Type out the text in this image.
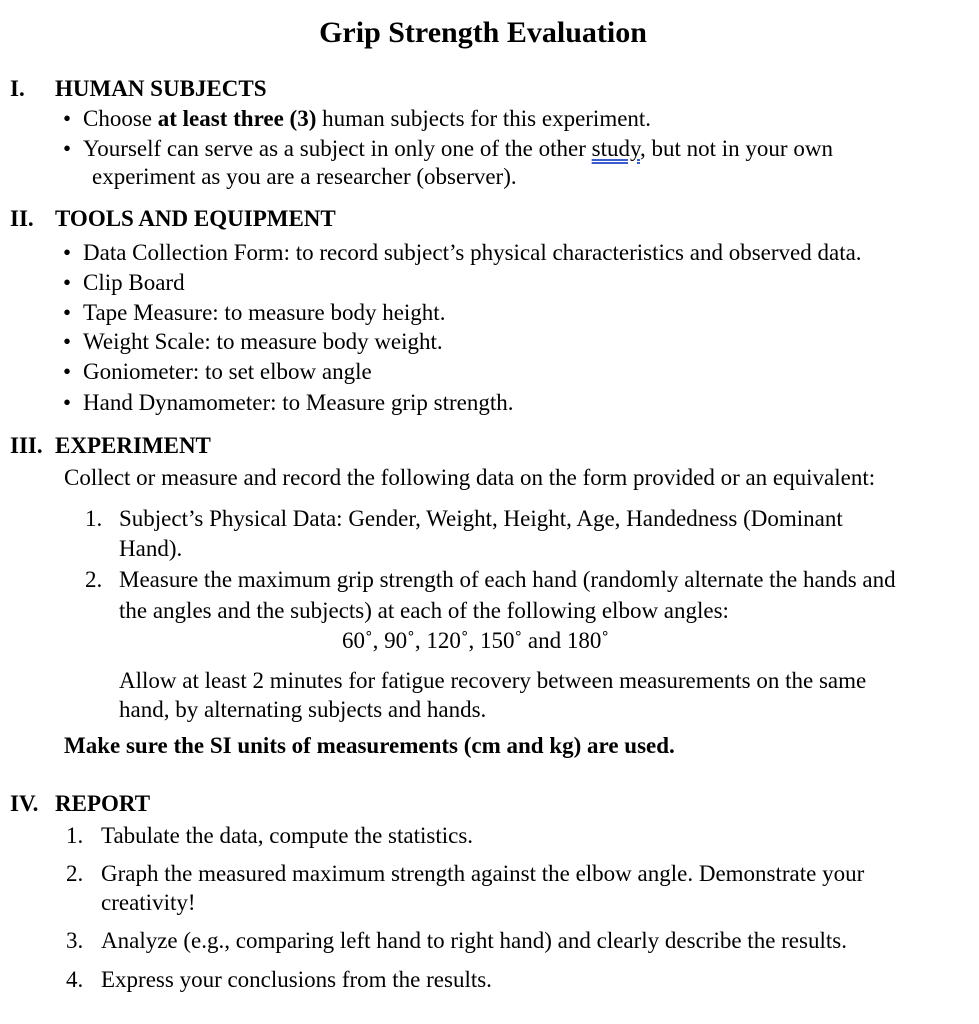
Grip Strength Evaluation
I. HUMAN SUBJECTS
• Choose at least three (3) human subjects for this experiment.
• Yourself can serve as a subject in only one of the other study, but not in your own
experiment as you are a researcher (observer).
II. TOOLS AND EQUIPMENT
• Data Collection Form: to record subject’s physical characteristics and observed data.
• Clip Board
• Tape Measure: to measure body height.
• Weight Scale: to measure body weight.
• Goniometer: to set elbow angle
• Hand Dynamometer: to Measure grip strength.
III. EXPERIMENT
Collect or measure and record the following data on the form provided or an equivalent:
1. Subject’s Physical Data: Gender, Weight, Height, Age, Handedness (Dominant
Hand).
2. Measure the maximum grip strength of each hand (randomly alternate the hands and
the angles and the subjects) at each of the following elbow angles:
60˚, 90˚, 120˚, 150˚ and 180˚
Allow at least 2 minutes for fatigue recovery between measurements on the same
hand, by alternating subjects and hands.
Make sure the SI units of measurements (cm and kg) are used.
IV. REPORT
1. Tabulate the data, compute the statistics.
2. Graph the measured maximum strength against the elbow angle. Demonstrate your
creativity!
3. Analyze (e.g., comparing left hand to right hand) and clearly describe the results.
4. Express your conclusions from the results.
